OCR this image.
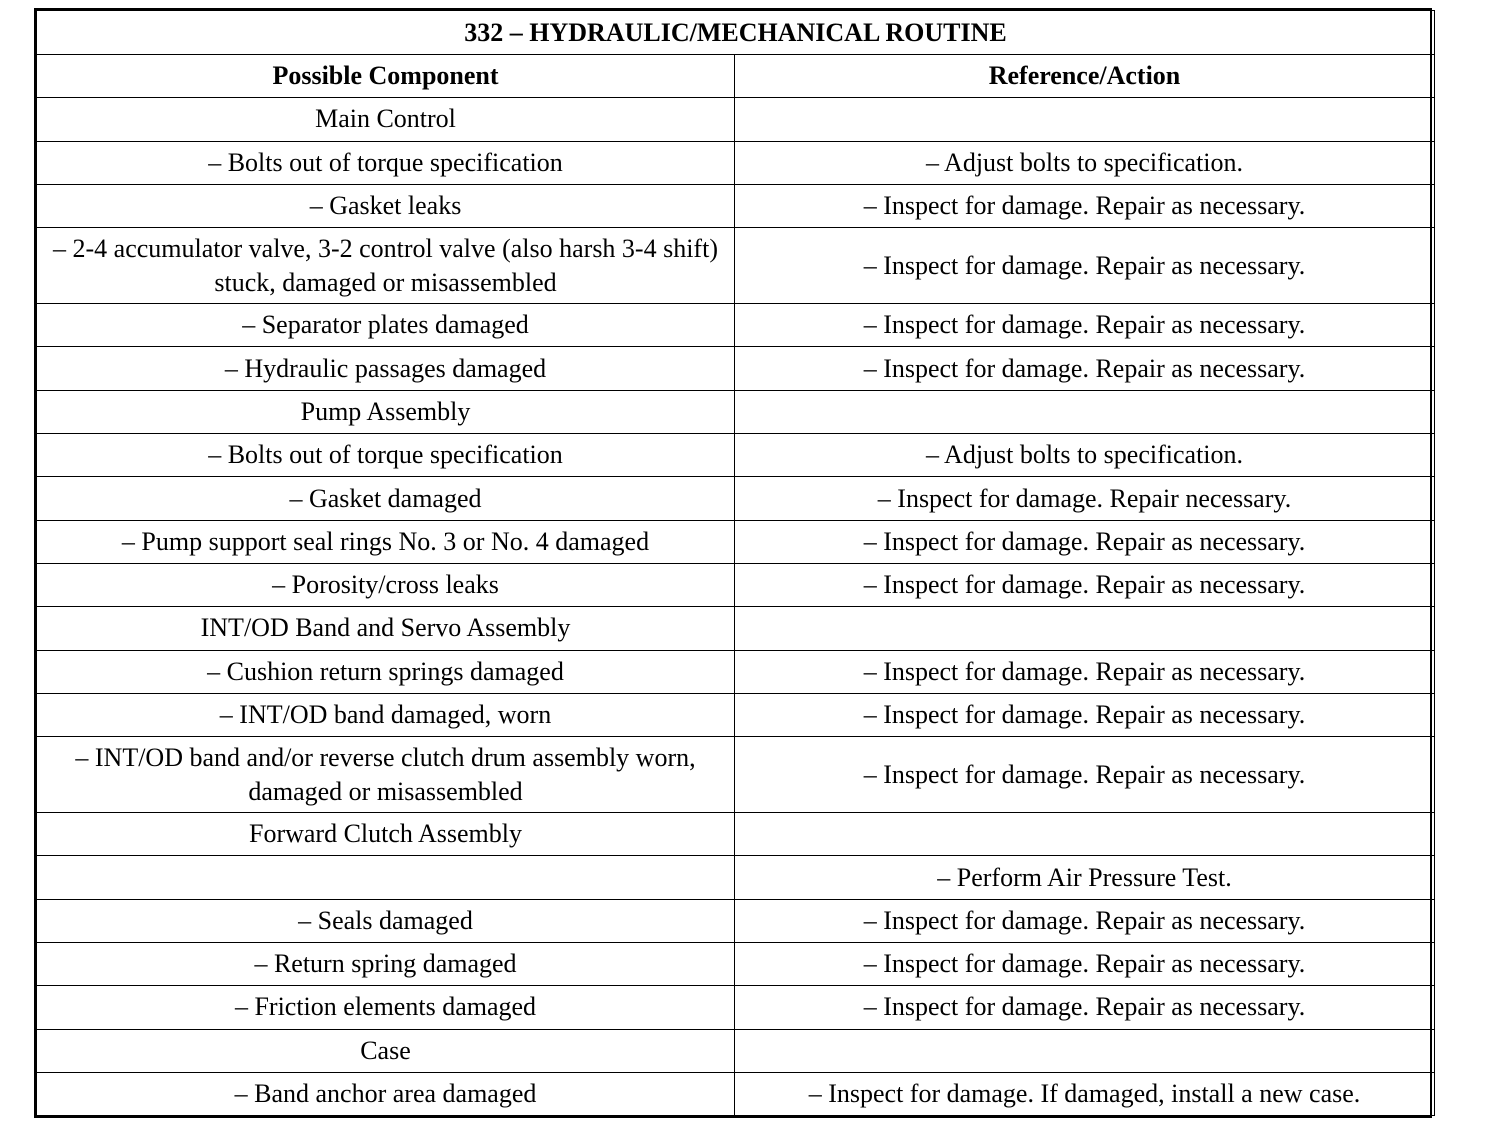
332 – HYDRAULIC/MECHANICAL ROUTINE	
Possible Component	Reference/Action
Main Control	
– Bolts out of torque specification	– Adjust bolts to specification.
– Gasket leaks	– Inspect for damage. Repair as necessary.
– 2-4 accumulator valve, 3-2 control valve (also harsh 3-4 shift) stuck, damaged or misassembled	– Inspect for damage. Repair as necessary.
– Separator plates damaged	– Inspect for damage. Repair as necessary.
– Hydraulic passages damaged	– Inspect for damage. Repair as necessary.
Pump Assembly	
– Bolts out of torque specification	– Adjust bolts to specification.
– Gasket damaged	– Inspect for damage. Repair necessary.
– Pump support seal rings No. 3 or No. 4 damaged	– Inspect for damage. Repair as necessary.
– Porosity/cross leaks	– Inspect for damage. Repair as necessary.
INT/OD Band and Servo Assembly	
– Cushion return springs damaged	– Inspect for damage. Repair as necessary.
– INT/OD band damaged, worn	– Inspect for damage. Repair as necessary.
– INT/OD band and/or reverse clutch drum assembly worn, damaged or misassembled	– Inspect for damage. Repair as necessary.
Forward Clutch Assembly	
	– Perform Air Pressure Test.
– Seals damaged	– Inspect for damage. Repair as necessary.
– Return spring damaged	– Inspect for damage. Repair as necessary.
– Friction elements damaged	– Inspect for damage. Repair as necessary.
Case	
– Band anchor area damaged	– Inspect for damage. If damaged, install a new case.
